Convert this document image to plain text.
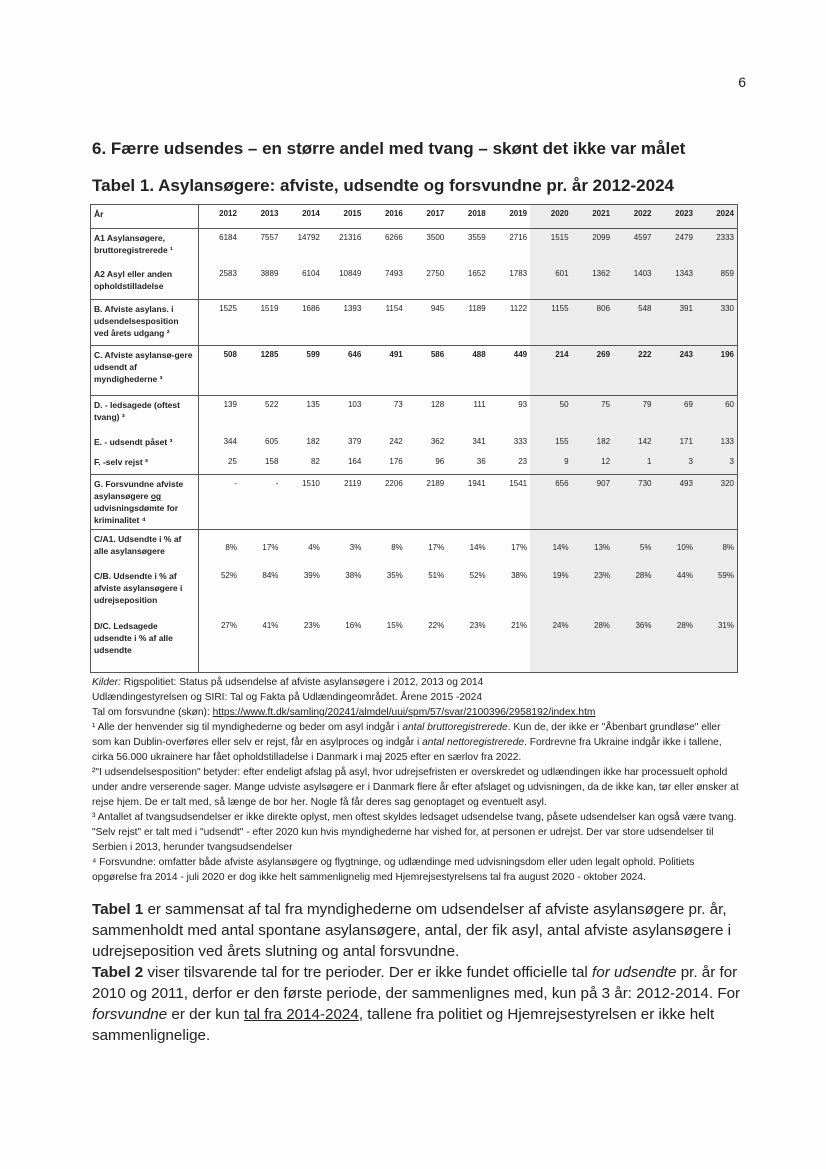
6
6. Færre udsendes – en større andel med tvang – skønt det ikke var målet
Tabel 1. Asylansøgere: afviste, udsendte og forsvundne pr. år 2012-2024
År	2012	2013	2014	2015	2016	2017	2018	2019	2020	2021	2022	2023	2024
A1 Asylansøgere, bruttoregistrerede ¹	6184	7557	14792	21316	6266	3500	3559	2716	1515	2099	4597	2479	2333
A2 Asyl eller anden opholdstilladelse	2583	3889	6104	10849	7493	2750	1652	1783	601	1362	1403	1343	859
B. Afviste asylans. i udsendelsesposition ved årets udgang ²	1525	1519	1686	1393	1154	945	1189	1122	1155	806	548	391	330
C. Afviste asylansø-gere udsendt af myndighederne ³	508	1285	599	646	491	586	488	449	214	269	222	243	196
D. - ledsagede (oftest tvang) ³	139	522	135	103	73	128	111	93	50	75	79	69	60
E. - udsendt påset ³	344	605	182	379	242	362	341	333	155	182	142	171	133
F. -selv rejst ³	25	158	82	164	176	96	36	23	9	12	1	3	3
G. Forsvundne afviste asylansøgere og udvisningsdømte for kriminalitet ⁴	-	-	1510	2119	2206	2189	1941	1541	656	907	730	493	320
C/A1. Udsendte i % af alle asylansøgere	8%	17%	4%	3%	8%	17%	14%	17%	14%	13%	5%	10%	8%
C/B. Udsendte i % af afviste asylansøgere i udrejseposition	52%	84%	39%	38%	35%	51%	52%	38%	19%	23%	28%	44%	59%
D/C. Ledsagede udsendte i % af alle udsendte	27%	41%	23%	16%	15%	22%	23%	21%	24%	28%	36%	28%	31%
Kilder: Rigspolitiet: Status på udsendelse af afviste asylansøgere i 2012, 2013 og 2014
Udlændingestyrelsen og SIRI: Tal og Fakta på Udlændingeområdet. Årene 2015 -2024
Tal om forsvundne (skøn): https://www.ft.dk/samling/20241/almdel/uui/spm/57/svar/2100396/2958192/index.htm
¹ Alle der henvender sig til myndighederne og beder om asyl indgår i antal bruttoregistrerede. Kun de, der ikke er "Åbenbart grundløse" eller som kan Dublin-overføres eller selv er rejst, får en asylproces og indgår i antal nettoregistrerede. Fordrevne fra Ukraine indgår ikke i tallene, cirka 56.000 ukrainere har fået opholdstilladelse i Danmark i maj 2025 efter en særlov fra 2022.
²"I udsendelsesposition" betyder: efter endeligt afslag på asyl, hvor udrejsefristen er overskredet og udlændingen ikke har processuelt ophold under andre verserende sager. Mange udviste asylsøgere er i Danmark flere år efter afslaget og udvisningen, da de ikke kan, tør eller ønsker at rejse hjem. De er talt med, så længe de bor her. Nogle få får deres sag genoptaget og eventuelt asyl.
³ Antallet af tvangsudsendelser er ikke direkte oplyst, men oftest skyldes ledsaget udsendelse tvang, påsete udsendelser kan også være tvang. "Selv rejst" er talt med i "udsendt" - efter 2020 kun hvis myndighederne har vished for, at personen er udrejst. Der var store udsendelser til Serbien i 2013, herunder tvangsudsendelser
⁴ Forsvundne: omfatter både afviste asylansøgere og flygtninge, og udlændinge med udvisningsdom eller uden legalt ophold. Politiets opgørelse fra 2014 - juli 2020 er dog ikke helt sammenlignelig med Hjemrejsestyrelsens tal fra august 2020 - oktober 2024.
Tabel 1 er sammensat af tal fra myndighederne om udsendelser af afviste asylansøgere pr. år, sammenholdt med antal spontane asylansøgere, antal, der fik asyl, antal afviste asylansøgere i udrejseposition ved årets slutning og antal forsvundne.
Tabel 2 viser tilsvarende tal for tre perioder. Der er ikke fundet officielle tal for udsendte pr. år for 2010 og 2011, derfor er den første periode, der sammenlignes med, kun på 3 år: 2012-2014. For forsvundne er der kun tal fra 2014-2024, tallene fra politiet og Hjemrejsestyrelsen er ikke helt sammenlignelige.
